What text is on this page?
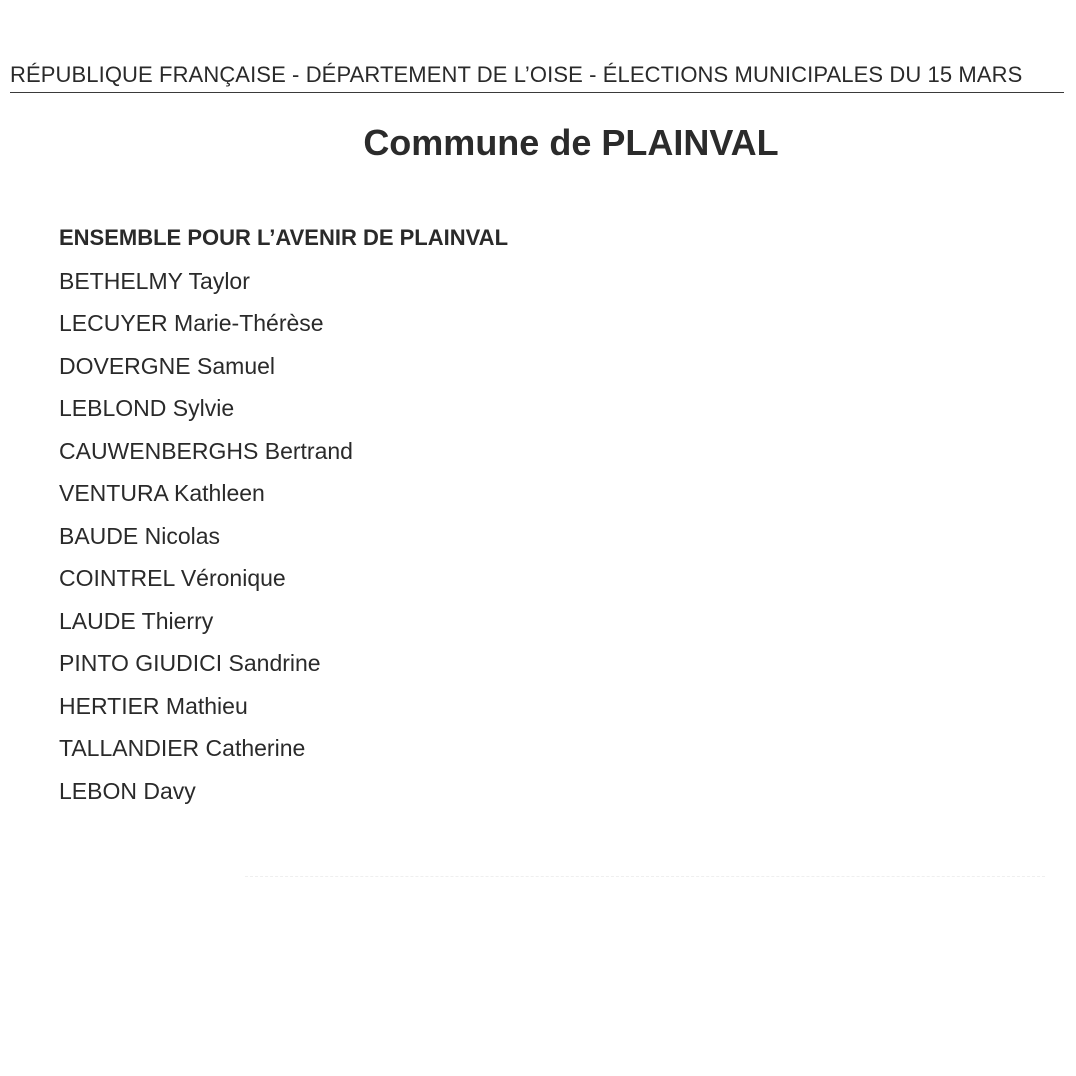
RÉPUBLIQUE FRANÇAISE - DÉPARTEMENT DE L’OISE - ÉLECTIONS MUNICIPALES DU 15 MARS
Commune de PLAINVAL
ENSEMBLE POUR L’AVENIR DE PLAINVAL
BETHELMY Taylor
LECUYER Marie-Thérèse
DOVERGNE Samuel
LEBLOND Sylvie
CAUWENBERGHS Bertrand
VENTURA Kathleen
BAUDE Nicolas
COINTREL Véronique
LAUDE Thierry
PINTO GIUDICI Sandrine
HERTIER Mathieu
TALLANDIER Catherine
LEBON Davy
